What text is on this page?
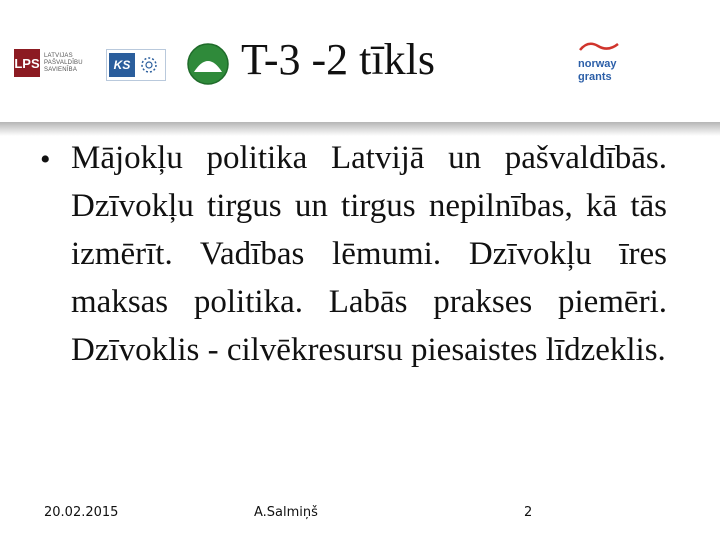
LPS LATVIJAS
PAŠVALDĪBU
SAVIENĪBA	KS	T-3 -2 tīkls	norway
grants
• Mājokļu politika Latvijā un pašvaldībās. Dzīvokļu tirgus un tirgus nepilnības, kā tās izmērīt. Vadības lēmumi. Dzīvokļu īres maksas politika. Labās prakses piemēri. Dzīvoklis - cilvēkresursu piesaistes līdzeklis.
20.02.2015	A.Salmiņš	2
